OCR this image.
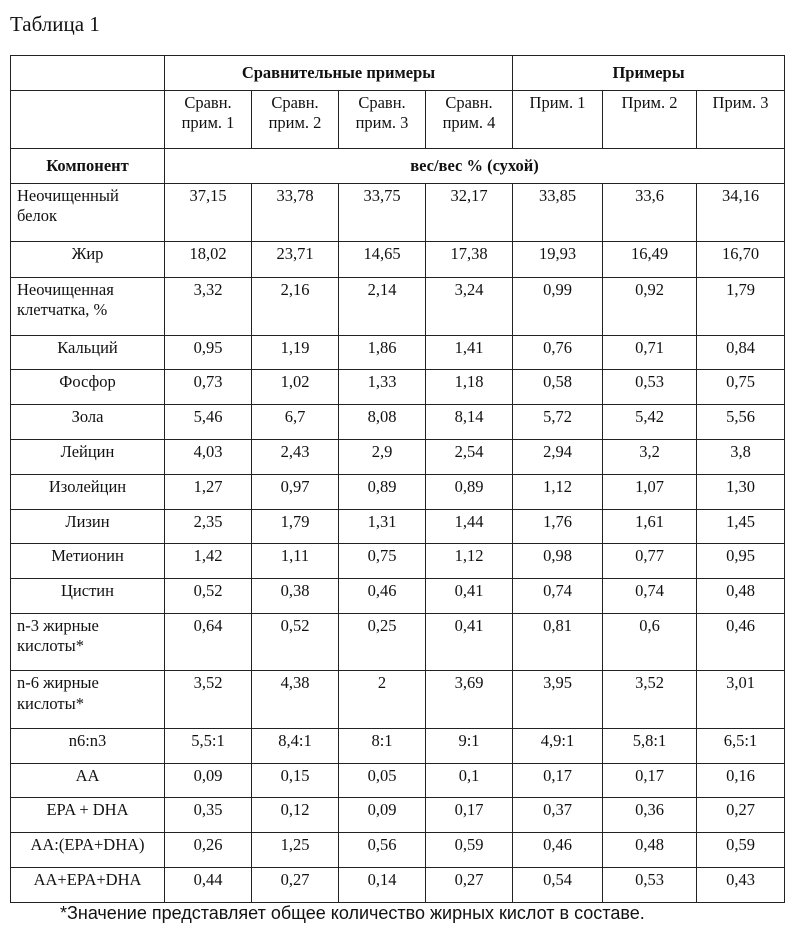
Таблица 1
	Сравнительные примеры				Примеры		
	Сравн. прим. 1	Сравн. прим. 2	Сравн. прим. 3	Сравн. прим. 4	Прим. 1	Прим. 2	Прим. 3
Компонент	вес/вес % (сухой)						
Неочищенный белок	37,15	33,78	33,75	32,17	33,85	33,6	34,16
Жир	18,02	23,71	14,65	17,38	19,93	16,49	16,70
Неочищенная клетчатка, %	3,32	2,16	2,14	3,24	0,99	0,92	1,79
Кальций	0,95	1,19	1,86	1,41	0,76	0,71	0,84
Фосфор	0,73	1,02	1,33	1,18	0,58	0,53	0,75
Зола	5,46	6,7	8,08	8,14	5,72	5,42	5,56
Лейцин	4,03	2,43	2,9	2,54	2,94	3,2	3,8
Изолейцин	1,27	0,97	0,89	0,89	1,12	1,07	1,30
Лизин	2,35	1,79	1,31	1,44	1,76	1,61	1,45
Метионин	1,42	1,11	0,75	1,12	0,98	0,77	0,95
Цистин	0,52	0,38	0,46	0,41	0,74	0,74	0,48
n-3 жирные кислоты*	0,64	0,52	0,25	0,41	0,81	0,6	0,46
n-6 жирные кислоты*	3,52	4,38	2	3,69	3,95	3,52	3,01
n6:n3	5,5:1	8,4:1	8:1	9:1	4,9:1	5,8:1	6,5:1
AA	0,09	0,15	0,05	0,1	0,17	0,17	0,16
EPA + DHA	0,35	0,12	0,09	0,17	0,37	0,36	0,27
AA:(EPA+DHA)	0,26	1,25	0,56	0,59	0,46	0,48	0,59
AA+EPA+DHA	0,44	0,27	0,14	0,27	0,54	0,53	0,43
*Значение представляет общее количество жирных кислот в составе.
